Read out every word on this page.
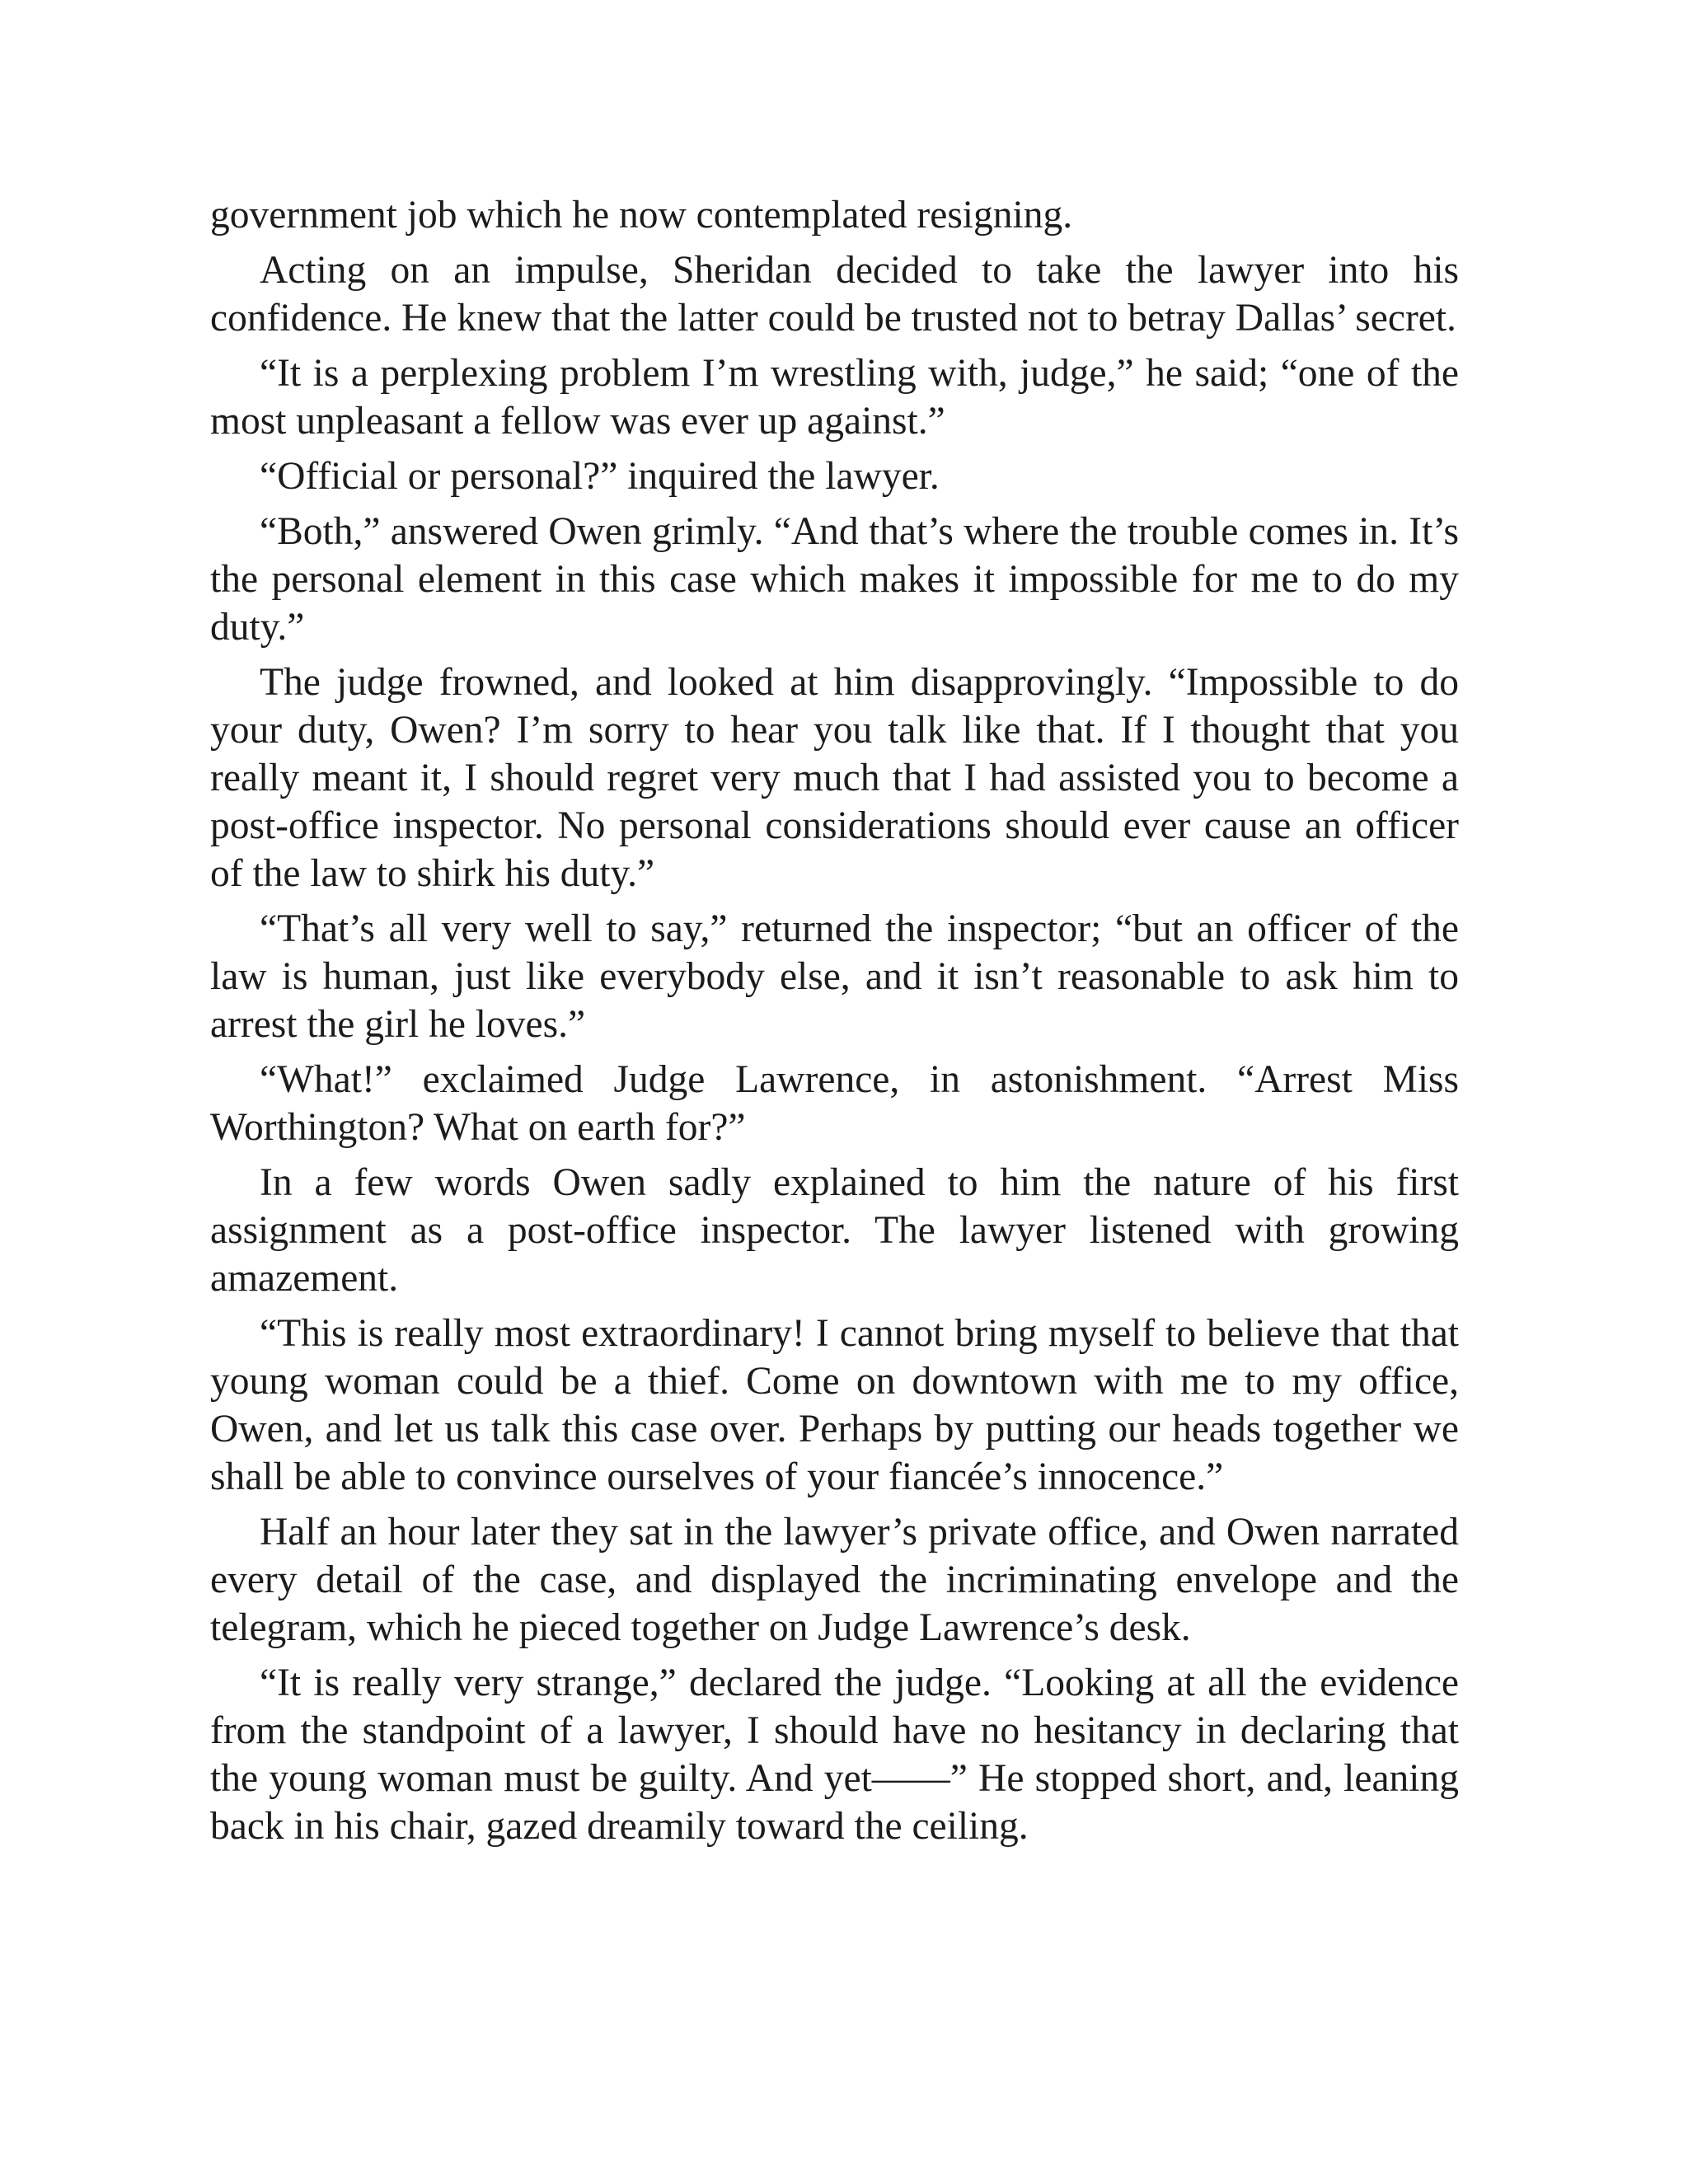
government job which he now contemplated resigning.

Acting on an impulse, Sheridan decided to take the lawyer into his confidence. He knew that the latter could be trusted not to betray Dallas’ secret.

“It is a perplexing problem I’m wrestling with, judge,” he said; “one of the most unpleasant a fellow was ever up against.”

“Official or personal?” inquired the lawyer.

“Both,” answered Owen grimly. “And that’s where the trouble comes in. It’s the personal element in this case which makes it impossible for me to do my duty.”

The judge frowned, and looked at him disapprovingly. “Impossible to do your duty, Owen? I’m sorry to hear you talk like that. If I thought that you really meant it, I should regret very much that I had assisted you to become a post-office inspector. No personal considerations should ever cause an officer of the law to shirk his duty.”

“That’s all very well to say,” returned the inspector; “but an officer of the law is human, just like everybody else, and it isn’t reasonable to ask him to arrest the girl he loves.”

“What!” exclaimed Judge Lawrence, in astonishment. “Arrest Miss Worthington? What on earth for?”

In a few words Owen sadly explained to him the nature of his first assignment as a post-office inspector. The lawyer listened with growing amazement.

“This is really most extraordinary! I cannot bring myself to believe that that young woman could be a thief. Come on downtown with me to my office, Owen, and let us talk this case over. Perhaps by putting our heads together we shall be able to convince ourselves of your fiancée’s innocence.”

Half an hour later they sat in the lawyer’s private office, and Owen narrated every detail of the case, and displayed the incriminating envelope and the telegram, which he pieced together on Judge Lawrence’s desk.

“It is really very strange,” declared the judge. “Looking at all the evidence from the standpoint of a lawyer, I should have no hesitancy in declaring that the young woman must be guilty. And yet——” He stopped short, and, leaning back in his chair, gazed dreamily toward the ceiling.
